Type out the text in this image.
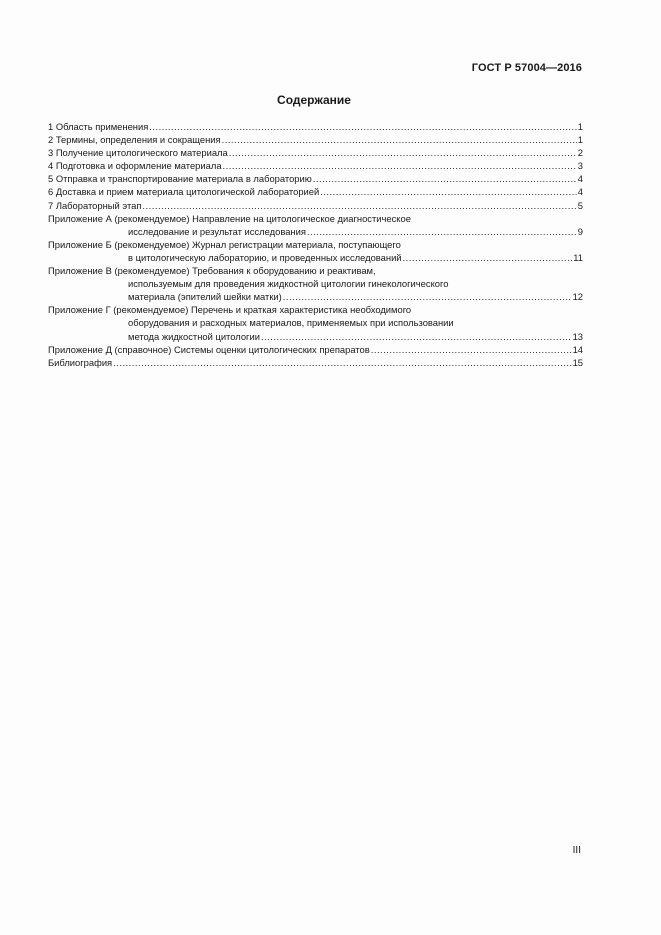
ГОСТ Р 57004—2016
Содержание
1 Область применения .....	1
2 Термины, определения и сокращения .....	1
3 Получение цитологического материала .....	2
4 Подготовка и оформление материала .....	3
5 Отправка и транспортирование материала в лабораторию .....	4
6 Доставка и прием материала цитологической лабораторией .....	4
7 Лабораторный этап .....	5
Приложение А (рекомендуемое) Направление на цитологическое диагностическое
исследование и результат исследования .....	9
Приложение Б (рекомендуемое) Журнал регистрации материала, поступающего
в цитологическую лабораторию, и проведенных исследований .....	11
Приложение В (рекомендуемое) Требования к оборудованию и реактивам,
используемым для проведения жидкостной цитологии гинекологического
материала (эпителий шейки матки) .....	12
Приложение Г (рекомендуемое) Перечень и краткая характеристика необходимого
оборудования и расходных материалов, применяемых при использовании
метода жидкостной цитологии .....	13
Приложение Д (справочное) Системы оценки цитологических препаратов .....	14
Библиография .....	15
III
